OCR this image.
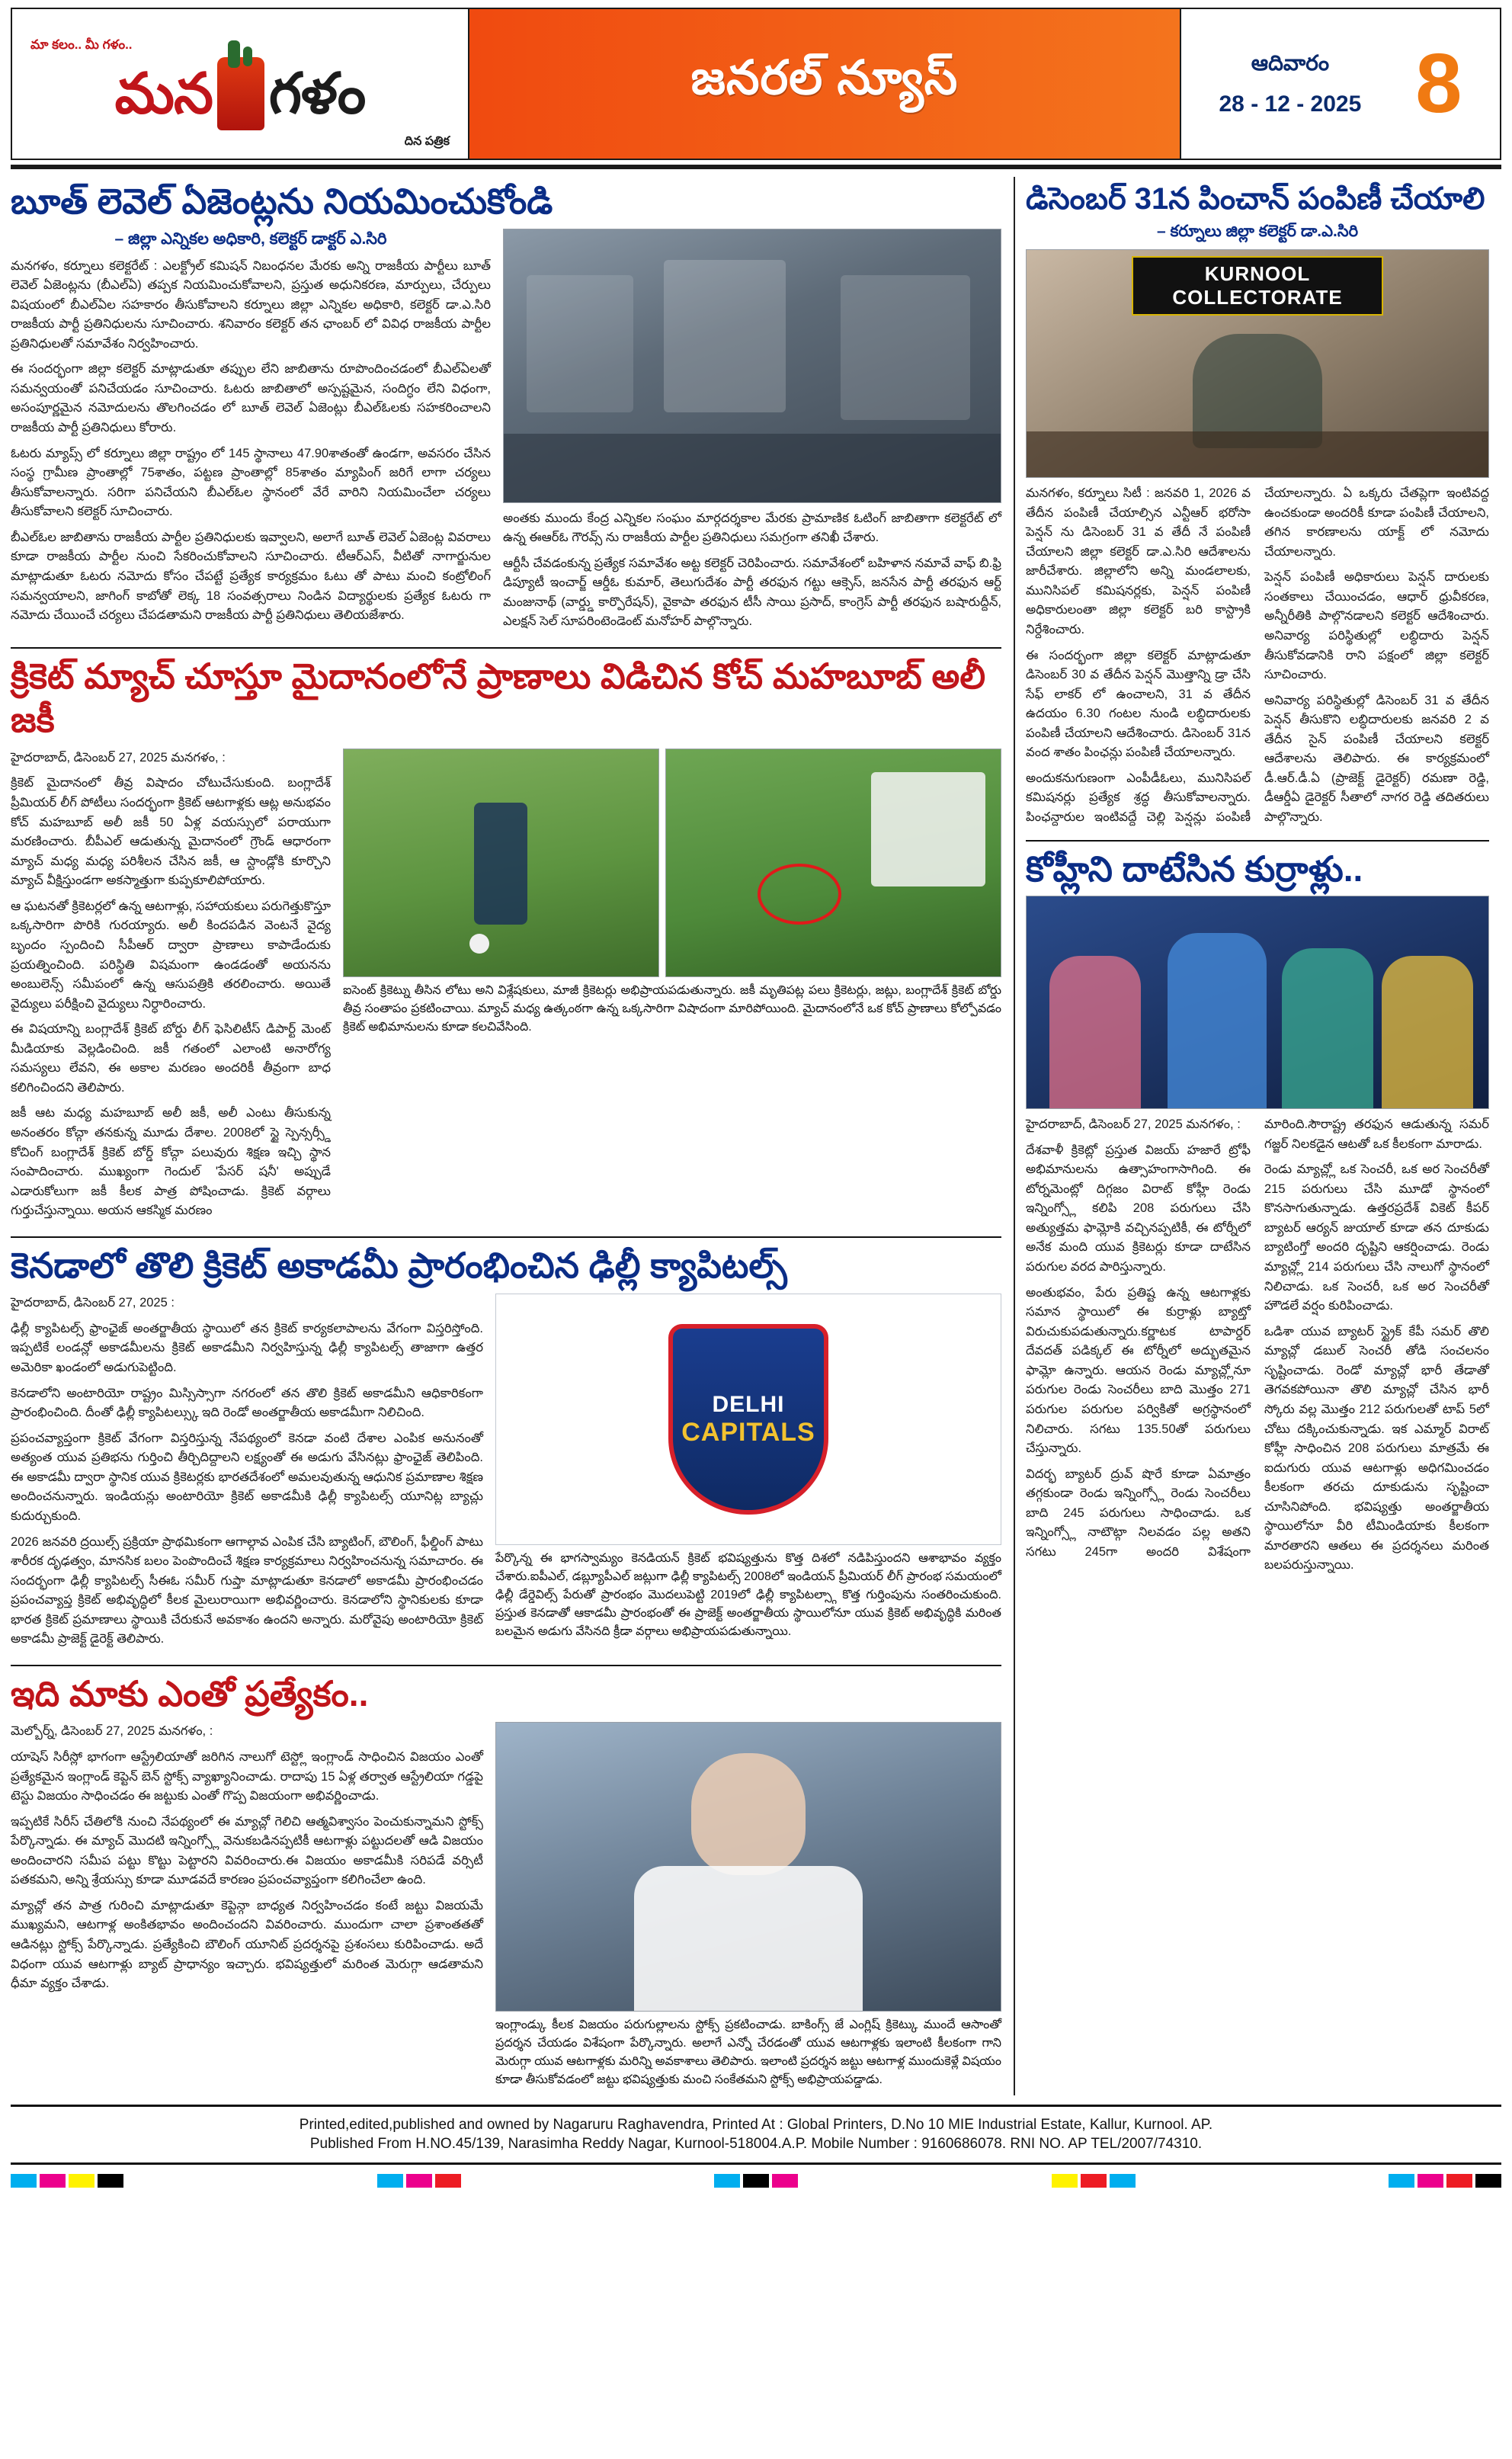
మా కలం.. మీ గళం..
మన గళం
దిన పత్రిక
జనరల్ న్యూస్	ఆదివారం
28 - 12 - 2025 8
బూత్ లెవెల్ ఏజెంట్లను నియమించుకోండి
– జిల్లా ఎన్నికల అధికారి, కలెక్టర్ డాక్టర్ ఎ.సిరి

మనగళం, కర్నూలు కలెక్టరేట్ : ఎలక్ట్రోల్ కమిషన్ నిబంధనల మేరకు అన్ని రాజకీయ పార్టీలు బూత్ లెవెల్ ఏజెంట్లను (బీఎల్ఏ) తప్పక నియమించుకోవాలని, ప్రస్తుత అధునికరణ, మార్పులు, చేర్పులు విషయంలో బీఎల్ఏల సహకారం తీసుకోవాలని కర్నూలు జిల్లా ఎన్నికల అధికారి, కలెక్టర్ డా.ఎ.సిరి రాజకీయ పార్టీ ప్రతినిధులను సూచించారు. శనివారం కలెక్టర్ తన ఛాంబర్ లో వివిధ రాజకీయ పార్టీల ప్రతినిధులతో సమావేశం నిర్వహించారు.

ఈ సందర్భంగా జిల్లా కలెక్టర్ మాట్లాడుతూ తప్పుల లేని జాబితాను రూపొందించడంలో బీఎల్ఏలతో సమన్వయంతో పనిచేయడం సూచించారు. ఓటరు జాబితాలో అస్పష్టమైన, సందిగ్ధం లేని విధంగా, అసంపూర్ణమైన నమోదులను తొలగించడం లో బూత్ లెవెల్ ఏజెంట్లు బీఎల్ఓలకు సహకరించాలని రాజకీయ పార్టీ ప్రతినిధులు కోరారు.

ఓటరు మ్యాప్స్ లో కర్నూలు జిల్లా రాష్ట్రం లో 145 స్థానాలు 47.90శాతంతో ఉండగా, అవసరం చేసిన సంస్థ గ్రామీణ ప్రాంతాల్లో 75శాతం, పట్టణ ప్రాంతాల్లో 85శాతం మ్యాపింగ్ జరిగే లాగా చర్యలు తీసుకోవాలన్నారు. సరిగా పనిచేయని బీఎల్ఓల స్థానంలో వేరే వారిని నియమించేలా చర్యలు తీసుకోవాలని కలెక్టర్ సూచించారు.

బీఎల్ఓల జాబితాను రాజకీయ పార్టీల ప్రతినిధులకు ఇవ్వాలని, అలాగే బూత్ లెవెల్ ఏజెంట్ల వివరాలు కూడా రాజకీయ పార్టీల నుంచి సేకరించుకోవాలని సూచించారు. టీఆర్ఎస్, వీటితో నాగార్జునుల మాట్లాడుతూ ఓటరు నమోదు కోసం చేపట్టే ప్రత్యేక కార్యక్రమం ఓటు తో పాటు మంచి కంట్రోలింగ్ సమన్వయాలని, జాగింగ్ కాబోతో లెక్క 18 సంవత్సరాలు నిండిన విద్యార్థులకు ప్రత్యేక ఓటరు గా నమోదు చేయించే చర్యలు చేపడతామని రాజకీయ పార్టీ ప్రతినిధులు తెలియజేశారు.

అంతకు ముందు కేంద్ర ఎన్నికల సంఘం మార్గదర్శకాల మేరకు ప్రామాణిక ఓటింగ్ జాబితాగా కలెక్టరేట్ లో ఉన్న ఈఆర్ఓ గౌరవ్స్ ను రాజకీయ పార్టీల ప్రతినిధులు సమగ్రంగా తనిఖీ చేశారు.

ఆర్టీసీ చేవడంకున్న ప్రత్యేక సమావేశం అట్ట కలెక్టర్ చెరిపించారు. సమావేశంలో బహిళాన నమావే వాఫ్ బి.ఫ్రి డిప్యూటీ ఇంచార్జ్ ఆర్డీఓ కుమార్, తెలుగుదేశం పార్టీ తరఫున గట్టు ఆక్సెస్, జనసేన పార్టీ తరఫున ఆర్ట్ మంజునాథ్ (వార్డ్డు కార్పొరేషన్), వైకాపా తరఫున టీసీ సాయి ప్రసాద్, కాంగ్రెస్ పార్టీ తరఫున బషారుద్దీన్, ఎలక్షన్ సెల్ సూపరింటెండెంట్ మనోహర్ పాల్గొన్నారు.

క్రికెట్ మ్యాచ్ చూస్తూ మైదానంలోనే ప్రాణాలు విడిచిన కోచ్ మహబూబ్ అలీ జకీ

హైదరాబాద్, డిసెంబర్ 27, 2025 మనగళం, :

క్రికెట్ మైదానంలో తీవ్ర విషాదం చోటుచేసుకుంది. బంగ్లాదేశ్ ప్రీమియర్ లీగ్ పోటీలు సందర్భంగా క్రికెట్ ఆటగాళ్లకు ఆట్ల అనుభవం కోచ్ మహబూబ్ అలీ జకీ 50 ఏళ్ల వయస్సులో పరాయుగా మరణించారు. బీపీఎల్ ఆడుతున్న మైదానంలో గ్రౌండ్ ఆధారంగా మ్యాచ్ మధ్య మధ్య పరిశీలన చేసిన జకీ, ఆ స్టాండ్లోకి కూర్చొని మ్యాచ్ వీక్షిస్తుండగా అకస్మాత్తుగా కుప్పకూలిపోయారు.

ఆ ఘటనతో క్రికెటర్లలో ఉన్న ఆటగాళ్లు, సహాయకులు పరుగెత్తుకొస్తూ ఒక్కసారిగా పొరికి గురయ్యారు. అలీ కిందపడిన వెంటనే వైద్య బృందం స్పందించి సీపీఆర్ ద్వారా ప్రాణాలు కాపాడేందుకు ప్రయత్నించింది. పరిస్థితి విషమంగా ఉండడంతో అయనను అంబులెన్స్ సమీపంలో ఉన్న ఆసుపత్రికి తరలించారు. అయితే వైద్యులు పరీక్షించి వైద్యులు నిర్ధారించారు.

ఈ విషయాన్ని బంగ్లాదేశ్ క్రికెట్ బోర్డు లీగ్ ఫెసిలిటీస్ డిపార్ట్ మెంట్ మీడియాకు వెల్లడించింది. జకీ గతంలో ఎలాంటి అనారోగ్య సమస్యలు లేవని, ఈ అకాల మరణం అందరికీ తీవ్రంగా బాధ కలిగించిందని తెలిపారు.

జకీ ఆట మధ్య మహబూబ్ అలీ జకీ, అలీ ఎంటు తీసుకున్న అనంతరం కోచ్గా తనకున్న మూడు దేశాల. 2008లో స్టై స్పెన్సర్స్డీ కోచింగ్ బంగ్లాదేశ్ క్రికెట్ బోర్డ్ కోచ్గా పలువురు శిక్షణ ఇచ్చి స్థాన సంపాదించారు. ముఖ్యంగా గెందుల్ 'పేసర్ షనీ' అప్పుడే ఎడారుకోలుగా జకీ కీలక పాత్ర పోషించాడు. క్రికెట్ వర్గాలు గుర్తుచేస్తున్నాయి. అయన ఆకస్మిక మరణం

ఐసెంట్ క్రికెట్ను తీసిన లోటు అని విశ్లేషకులు, మాజీ క్రికెటర్లు అభిప్రాయపడుతున్నారు. జకీ మృతిపట్ల పలు క్రికెటర్లు, జట్లు, బంగ్లాదేశ్ క్రికెట్ బోర్డు తీవ్ర సంతాపం ప్రకటించాయి. మ్యాచ్ మధ్య ఉత్కంఠగా ఉన్న ఒక్కసారిగా విషాదంగా మారిపోయింది. మైదానంలోనే ఒక కోచ్ ప్రాణాలు కోల్పోవడం క్రికెట్ అభిమానులను కూడా కలచివేసింది.

కెనడాలో తొలి క్రికెట్ అకాడమీ ప్రారంభించిన ఢిల్లీ క్యాపిటల్స్

హైదరాబాద్, డిసెంబర్ 27, 2025 :

ఢిల్లీ క్యాపిటల్స్ ఫ్రాంఛైజ్ అంతర్జాతీయ స్థాయిలో తన క్రికెట్ కార్యకలాపాలను వేగంగా విస్తరిస్తోంది. ఇప్పటికే లండన్లో అకాడమీలను క్రికెట్ అకాడమీని నిర్వహిస్తున్న ఢిల్లీ క్యాపిటల్స్ తాజాగా ఉత్తర అమెరికా ఖండంలో అడుగుపెట్టింది.

కెనడాలోని అంటారియో రాష్ట్రం మిస్సిస్సాగా నగరంలో తన తొలి క్రికెట్ అకాడమీని ఆధికారికంగా ప్రారంభించింది. దీంతో ఢిల్లీ క్యాపిటల్స్కు ఇది రెండో అంతర్జాతీయ అకాడమీగా నిలిచింది.

ప్రపంచవ్యాప్తంగా క్రికెట్ వేగంగా విస్తరిస్తున్న నేపథ్యంలో కెనడా వంటి దేశాల ఎంపిక అనునంతో అత్యంత యువ ప్రతిభను గుర్తించి తీర్చిదిద్దాలని లక్ష్యంతో ఈ అడుగు వేసినట్లు ఫ్రాంఛైజ్ తెలిపింది. ఈ అకాడమీ ద్వారా స్థానిక యువ క్రికెటర్లకు భారతదేశంలో అమలవుతున్న ఆధునిక ప్రమాణాల శిక్షణ అందించనున్నారు. ఇండియన్లు అంటారియో క్రికెట్ అకాడమీకి ఢిల్లీ క్యాపిటల్స్ యూనిట్ల బ్యాచ్లు కుదుర్చుకుంది.

2026 జనవరి ద్రయిల్స్ ప్రక్రియా ప్రాథమికంగా ఆగాల్గావ ఎంపిక చేసి బ్యాటింగ్, బౌలింగ్, ఫీల్డింగ్ పాటు శారీరక దృఢత్వం, మానసిక బలం పెంపొందించే శిక్షణ కార్యక్రమాలు నిర్వహించనున్న సమాచారం. ఈ సందర్భంగా ఢిల్లీ క్యాపిటల్స్ సీఈఓ సమీర్ గుప్తా మాట్లాడుతూ కెనడాలో అకాడమీ ప్రారంభించడం ప్రపంచవ్యాప్త క్రికెట్ అభివృద్ధిలో కీలక మైలురాయిగా అభివర్ణించారు. కెనడాలోని స్థానికులకు కూడా భారత క్రికెట్ ప్రమాణాలు స్థాయికి చేరుకునే అవకాశం ఉందని అన్నారు. మరోవైపు అంటారియో క్రికెట్ అకాడమీ ప్రాజెక్ట్ డైరెక్ట్ తెలిపారు.

DELHI
CAPITALS

పేర్కొన్న ఈ భాగస్వామ్యం కెనడియన్ క్రికెట్ భవిష్యత్తును కొత్త దిశలో నడిపిస్తుందని ఆశాభావం వ్యక్తం చేశారు.ఐపీఎల్, డబ్ల్యూపీఎల్ జట్లుగా ఢిల్లీ క్యాపిటల్స్ 2008లో ఇండియన్ ప్రీమియర్ లీగ్ ప్రారంభ సమయంలో ఢిల్లీ డేర్డెవిల్స్ పేరుతో ప్రారంభం మొదలుపెట్టి 2019లో ఢిల్లీ క్యాపిటల్స్గా కొత్త గుర్తింపును సంతరించుకుంది. ప్రస్తుత కెనడాతో ఆకాడమీ ప్రారంభంతో ఈ ప్రాజెక్ట్ అంతర్జాతీయ స్థాయిలోనూ యువ క్రికెట్ అభివృద్ధికి మరింత బలమైన అడుగు వేసినది క్రీడా వర్గాలు అభిప్రాయపడుతున్నాయి.

ఇది మాకు ఎంతో ప్రత్యేకం..

మెల్బోర్న్, డిసెంబర్ 27, 2025 మనగళం, :

యాషెస్ సిరీస్లో భాగంగా ఆస్ట్రేలియాతో జరిగిన నాలుగో టెస్ట్లో ఇంగ్లాండ్ సాధించిన విజయం ఎంతో ప్రత్యేకమైన ఇంగ్లాండ్ కెప్టెన్ బెన్ స్టోక్స్ వ్యాఖ్యానించాడు. రాదాపు 15 ఏళ్ల తర్వాత ఆస్ట్రేలియా గడ్డపై టెస్టు విజయం సాధించడం ఈ జట్టుకు ఎంతో గొప్ప విజయంగా అభివర్ణించాడు.

ఇప్పటికే సిరీస్ చేతిలోకి నుంచి నేపథ్యంలో ఈ మ్యాచ్లో గెలిచి ఆత్మవిశ్వాసం పెంచుకున్నామని స్టోక్స్ పేర్కొన్నాడు. ఈ మ్యాచ్ మొదటి ఇన్నింగ్స్లో వెనుకబడినప్పటికీ ఆటగాళ్లు పట్టుదలతో ఆడి విజయం అందించారని సమీప పట్టు కొట్టు పెట్టారని వివరించారు.ఈ విజయం అకాడమీకి సరిపడే వర్సిటీ పతకమని, అన్ని శ్రేయస్సు కూడా మూడవదే కారణం ప్రపంచవ్యాప్తంగా కలిగించేలా ఉంది.

మ్యాచ్లో తన పాత్ర గురించి మాట్లాడుతూ కెప్టెన్గా బాధ్యత నిర్వహించడం కంటే జట్టు విజయమే ముఖ్యమని, ఆటగాళ్ల అంకితభావం అందించందని వివరించారు. ముందుగా చాలా ప్రశాంతతతో ఆడినట్లు స్టోక్స్ పేర్కొన్నాడు. ప్రత్యేకించి బౌలింగ్ యూనిట్ ప్రదర్శనపై ప్రశంసలు కురిపించాడు. అదే విధంగా యువ ఆటగాళ్లు బ్యాట్ ప్రాధాన్యం ఇచ్చారు. భవిష్యత్తులో మరింత మెరుగ్గా ఆడతామని ధీమా వ్యక్తం చేశాడు.

ఇంగ్లాండ్కు కీలక విజయం పరుగుల్లాలను స్టోక్స్ ప్రకటించాడు. బాకింగ్స్ జే ఎంగ్లిష్ క్రికెట్కు ముందే ఆసాంతో ప్రదర్శన చేయడం విశేషంగా పేర్కొన్నారు. అలాగే ఎన్నో చేరడంతో యువ ఆటగాళ్లకు ఇలాంటి కీలకంగా గాని మెరుగ్గా యువ ఆటగాళ్లకు మరిన్ని అవకాశాలు తెలిపారు. ఇలాంటి ప్రదర్శన జట్టు ఆటగాళ్ల ముందుకెళ్లే విషయం కూడా తీసుకోవడంలో జట్టు భవిష్యత్తుకు మంచి సంకేతమని స్టోక్స్ అభిప్రాయపడ్డాడు.

డిసెంబర్ 31న పించాన్ పంపిణీ చేయాలి
– కర్నూలు జిల్లా కలెక్టర్ డా.ఎ.సిరి
KURNOOL COLLECTORATE

మనగళం, కర్నూలు సిటీ : జనవరి 1, 2026 వ తేదీన పంపిణీ చేయాల్సిన ఎన్టీఆర్ భరోసా పెన్షన్ ను డిసెంబర్ 31 వ తేదీ నే పంపిణీ చేయాలని జిల్లా కలెక్టర్ డా.ఎ.సిరి ఆదేశాలను జారీచేశారు. జిల్లాలోని అన్ని మండలాలకు, మునిసిపల్ కమిషనర్లకు, పెన్షన్ పంపిణీ అధికారులంతా జిల్లా కలెక్టర్ బరి కాస్ట్రాకి నిర్దేశించారు.

ఈ సందర్భంగా జిల్లా కలెక్టర్ మాట్లాడుతూ డిసెంబర్ 30 వ తేదీన పెన్షన్ మొత్తాన్ని డ్రా చేసి సేఫ్ లాకర్ లో ఉంచాలని, 31 వ తేదీన ఉదయం 6.30 గంటల నుండి లబ్ధిదారులకు పంపిణీ చేయాలని ఆదేశించారు. డిసెంబర్ 31న వంద శాతం పింఛన్లు పంపిణీ చేయాలన్నారు.

అందుకనుగుణంగా ఎంపీడీఓలు, మునిసిపల్ కమిషనర్లు ప్రత్యేక శ్రద్ధ తీసుకోవాలన్నారు. పింఛన్దారుల ఇంటివద్దే చెల్లి పెన్షన్లు పంపిణీ చేయాలన్నారు. ఏ ఒక్కరు చేతప్లెగా ఇంటివద్ద ఉంచకుండా అందరికీ కూడా పంపిణీ చేయాలని, తగిన కారణాలను యాక్ట్ లో నమోదు చేయాలన్నారు.

పెన్షన్ పంపిణీ అధికారులు పెన్షన్ దారులకు సంతకాలు చేయించడం, ఆధార్ ధ్రువీకరణ, అన్నీరీతికి పాల్గొనడాలని కలెక్టర్ ఆదేశించారు. అనివార్య పరిస్థితుల్లో లబ్ధిదారు పెన్షన్ తీసుకోవడానికి రాని పక్షంలో జిల్లా కలెక్టర్ సూచించారు.

అనివార్య పరిస్థితుల్లో డిసెంబర్ 31 వ తేదీన పెన్షన్ తీసుకొని లబ్ధిదారులకు జనవరి 2 వ తేదీన సైన్ పంపిణీ చేయాలని కలెక్టర్ ఆదేశాలను తెలిపారు. ఈ కార్యక్రమంలో డీ.ఆర్.డీ.ఏ (ప్రాజెక్ట్ డైరెక్టర్) రమణా రెడ్డి, డీఆర్డీఏ డైరెక్టర్ సీతాలో నాగర రెడ్డి తదితరులు పాల్గొన్నారు.

కోహ్లీని దాటేసిన కుర్రాళ్లు..

హైదరాబాద్, డిసెంబర్ 27, 2025 మనగళం, :

దేశవాళీ క్రికెట్లో ప్రస్తుత విజయ్ హజారే ట్రోఫీ అభిమానులను ఉత్సాహంగాసాగింది. ఈ టోర్నమెంట్లో దిగ్గజం విరాట్ కోహ్లీ రెండు ఇన్నింగ్స్లో కలిపి 208 పరుగులు చేసి అత్యుత్తమ ఫామ్లోకి వచ్చినప్పటికీ, ఈ టోర్నీలో అనేక మంది యువ క్రికెటర్లు కూడా దాటేసిన పరుగుల వరద పారిస్తున్నారు.

అంతుభవం, పేరు ప్రతిష్ట ఉన్న ఆటగాళ్లకు సమాన స్థాయిలో ఈ కుర్రాళ్లు బ్యాట్తో విరుచుకుపడుతున్నారు.కర్ణాటక టాపార్డర్ దేవదత్ పడిక్కల్ ఈ టోర్నీలో అద్భుతమైన ఫామ్లో ఉన్నారు. ఆయన రెండు మ్యాచ్ల్లోనూ పరుగుల రెండు సెంచరీలు బాది మొత్తం 271 పరుగుల పరుగుల పర్వికితో అగ్రస్థానంలో నిలిచారు. సగటు 135.50తో పరుగులు చేస్తున్నారు.

విదర్భ బ్యాటర్ ద్రువ్ షొరే కూడా ఏమాత్రం తగ్గకుండా రెండు ఇన్నింగ్స్లో రెండు సెంచరీలు బాది 245 పరుగులు సాధించాడు. ఒక ఇన్నింగ్స్లో నాటౌట్గా నిలవడం పల్ల అతని సగటు 245గా అందరి విశేషంగా మారింది.సౌరాష్ట్ర తరఫున ఆడుతున్న సమర్ గజ్జర్ నిలకడైన ఆటతో ఒక కీలకంగా మారాడు.

రెండు మ్యాచ్ల్లో ఒక సెంచరీ, ఒక అర సెంచరీతో 215 పరుగులు చేసి మూడో స్థానంలో కొనసాగుతున్నాడు. ఉత్తరప్రదేశ్ వికెట్ కీపర్ బ్యాటర్ ఆర్యన్ జుయాల్ కూడా తన దూకుడు బ్యాటింగ్తో అందరి దృష్టిని ఆకర్షించాడు. రెండు మ్యాచ్ల్లో 214 పరుగులు చేసి నాలుగో స్థానంలో నిలిచాడు. ఒక సెంచరీ, ఒక అర సెంచరీతో హౌడలే వర్షం కురిపించాడు.

ఒడిశా యువ బ్యాటర్ స్ట్రైక్ కేపీ సమర్ తొలి మ్యాచ్లో డబుల్ సెంచరీ తోడి సంచలనం సృష్టించాడు. రెండో మ్యాచ్లో భారీ తేడాతో తెగవకపోయినా తొలి మ్యాచ్లో చేసిన భారీ స్కోరు వల్ల మొత్తం 212 పరుగులతో టాప్ 5లో చోటు దక్కించుకున్నాడు. ఇక ఎమ్మార్ విరాట్ కోహ్లీ సాధించిన 208 పరుగులు మాత్రమే ఈ ఐదుగురు యువ ఆటగాళ్లు అధిగమించడం కీలకంగా తరచు దూకుడును సృష్టించా చూసినిపోంది. భవిష్యత్తు అంతర్జాతీయ స్థాయిలోనూ వీరి టీమిండియాకు కీలకంగా మారతారని ఆతలు ఈ ప్రదర్శనలు మరింత బలపరుస్తున్నాయి.

Printed,edited,published and owned by Nagaruru Raghavendra, Printed At : Global Printers, D.No 10 MIE Industrial Estate, Kallur, Kurnool. AP.

Published From H.NO.45/139, Narasimha Reddy Nagar, Kurnool-518004.A.P. Mobile Number : 9160686078. RNI NO. AP TEL/2007/74310.
